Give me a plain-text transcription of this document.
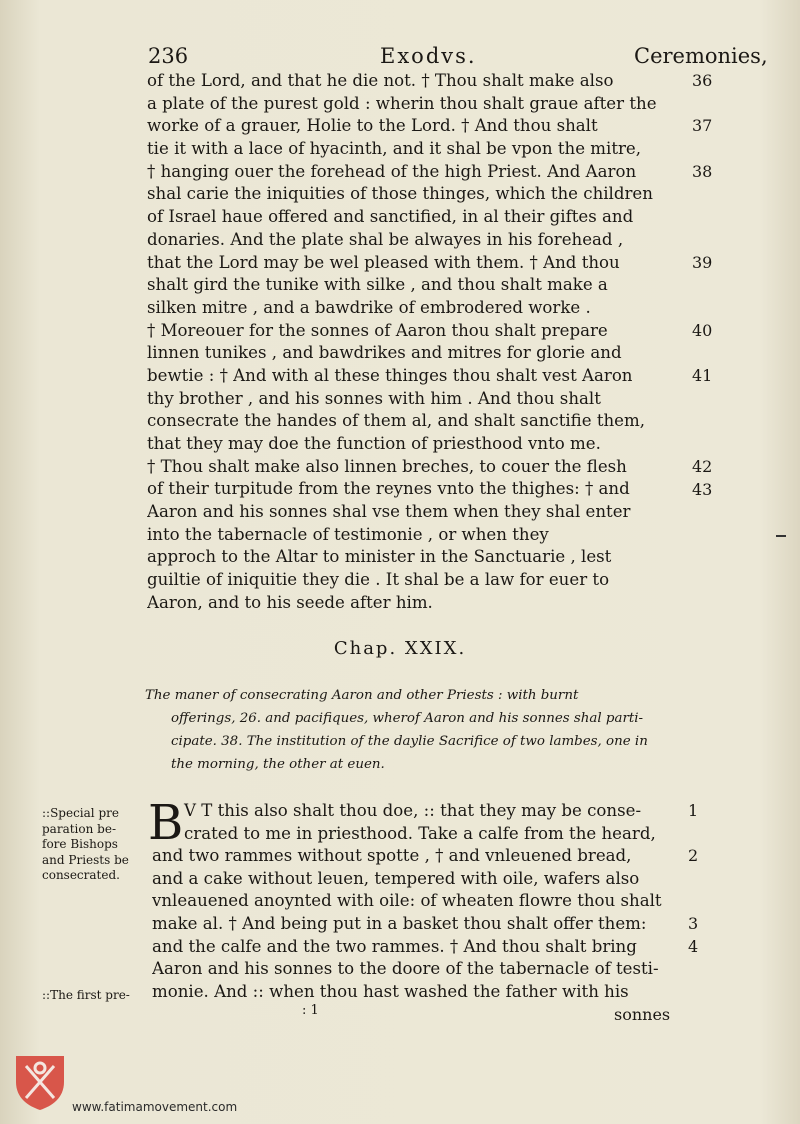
236	Exodvs.	Ceremonies,
of the Lord, and that he die not. † Thou shalt make also
a plate of the purest gold : wherin thou shalt graue after the
worke of a grauer, Holie to the Lord. † And thou shalt
tie it with a lace of hyacinth, and it shal be vpon the mitre,
† hanging ouer the forehead of the high Priest. And Aaron
shal carie the iniquities of those thinges, which the children
of Israel haue offered and sanctified, in al their giftes and
donaries. And the plate shal be alwayes in his forehead ,
that the Lord may be wel pleased with them. † And thou
shalt gird the tunike with silke , and thou shalt make a
silken mitre , and a bawdrike of embrodered worke .
† Moreouer for the sonnes of Aaron thou shalt prepare
linnen tunikes , and bawdrikes and mitres for glorie and
bewtie : † And with al these thinges thou shalt vest Aaron
thy brother , and his sonnes with him . And thou shalt
consecrate the handes of them al, and shalt sanctifie them,
that they may doe the function of priesthood vnto me.
† Thou shalt make also linnen breches, to couer the flesh
of their turpitude from the reynes vnto the thighes: † and
Aaron and his sonnes shal vse them when they shal enter
into the tabernacle of testimonie , or when they
approch to the Altar to minister in the Sanctuarie , lest
guiltie of iniquitie they die . It shal be a law for euer to
Aaron, and to his seede after him.
36
37
38
39
40
41
42
43
Chap. XXIX.
The maner of consecrating Aaron and other Priests : with burnt
offerings, 26. and pacifiques, wherof Aaron and his sonnes shal parti-
cipate. 38. The institution of the daylie Sacrifice of two lambes, one in
the morning, the other at euen.
::Special pre
paration be-
fore Bishops
and Priests be
consecrated.
::The first pre-
B V T this also shalt thou doe, :: that they may be conse-
crated to me in priesthood. Take a calfe from the heard,
and two rammes without spotte , † and vnleuened bread,
and a cake without leuen, tempered with oile, wafers also
vnleauened anoynted with oile: of wheaten flowre thou shalt
make al. † And being put in a basket thou shalt offer them:
and the calfe and the two rammes. † And thou shalt bring
Aaron and his sonnes to the doore of the tabernacle of testi-
monie. And :: when thou hast washed the father with his
1
2
3
4
: 1	sonnes
www.fatimamovement.com
